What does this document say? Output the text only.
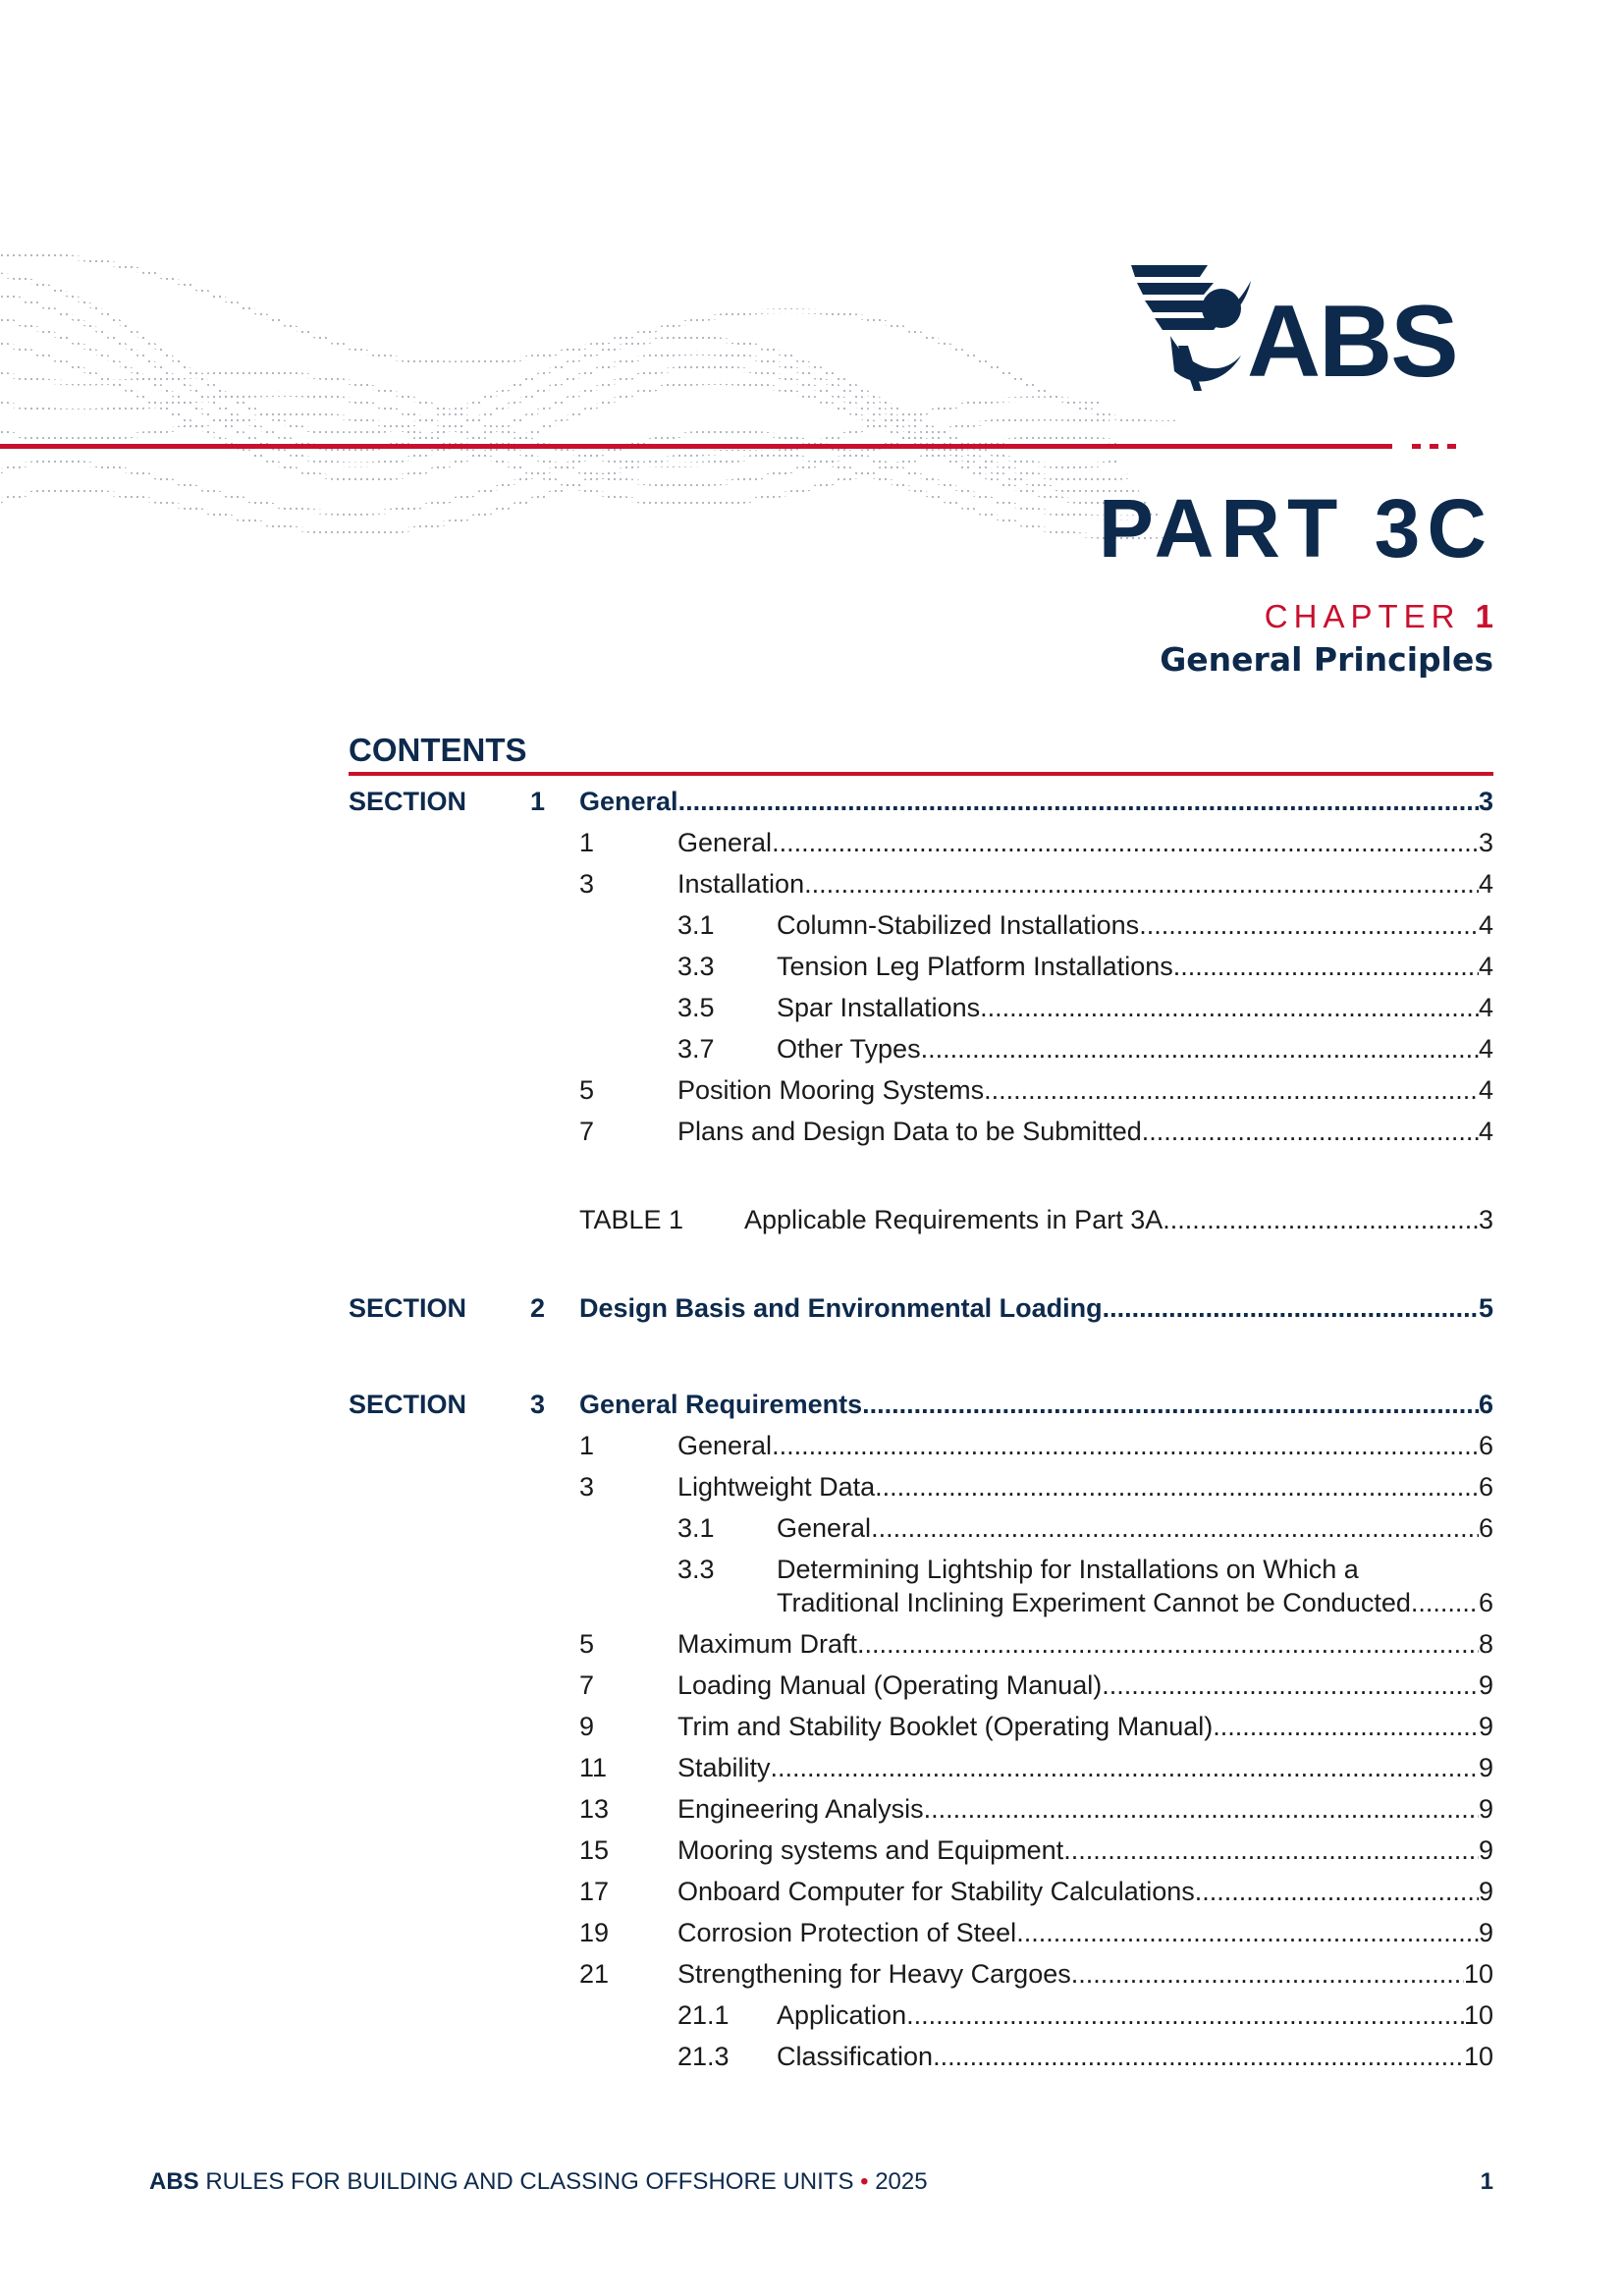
ABS
PART 3C
CHAPTER 1
General Principles
CONTENTS
SECTION 1 General .....	3
1	General .....	3
3	Installation .....	4
3.1 Column-Stabilized Installations .....	4
3.3 Tension Leg Platform Installations .....	4
3.5 Spar Installations .....	4
3.7 Other Types .....	4
5	Position Mooring Systems .....	4
7	Plans and Design Data to be Submitted .....	4
TABLE 1 Applicable Requirements in Part 3A .....	3
SECTION 2 Design Basis and Environmental Loading .....	5
SECTION 3 General Requirements .....	6
1	General .....	6
3	Lightweight Data .....	6
3.1 General .....	6
3.3 Determining Lightship for Installations on Which a
Traditional Inclining Experiment Cannot be Conducted .....	6
5	Maximum Draft .....	8
7	Loading Manual (Operating Manual) .....	9
9	Trim and Stability Booklet (Operating Manual) .....	9
11	Stability .....	9
13	Engineering Analysis .....	9
15	Mooring systems and Equipment .....	9
17	Onboard Computer for Stability Calculations .....	9
19	Corrosion Protection of Steel .....	9
21	Strengthening for Heavy Cargoes .....	10
21.1 Application .....	10
21.3 Classification .....	10
ABS RULES FOR BUILDING AND CLASSING OFFSHORE UNITS • 2025	1
